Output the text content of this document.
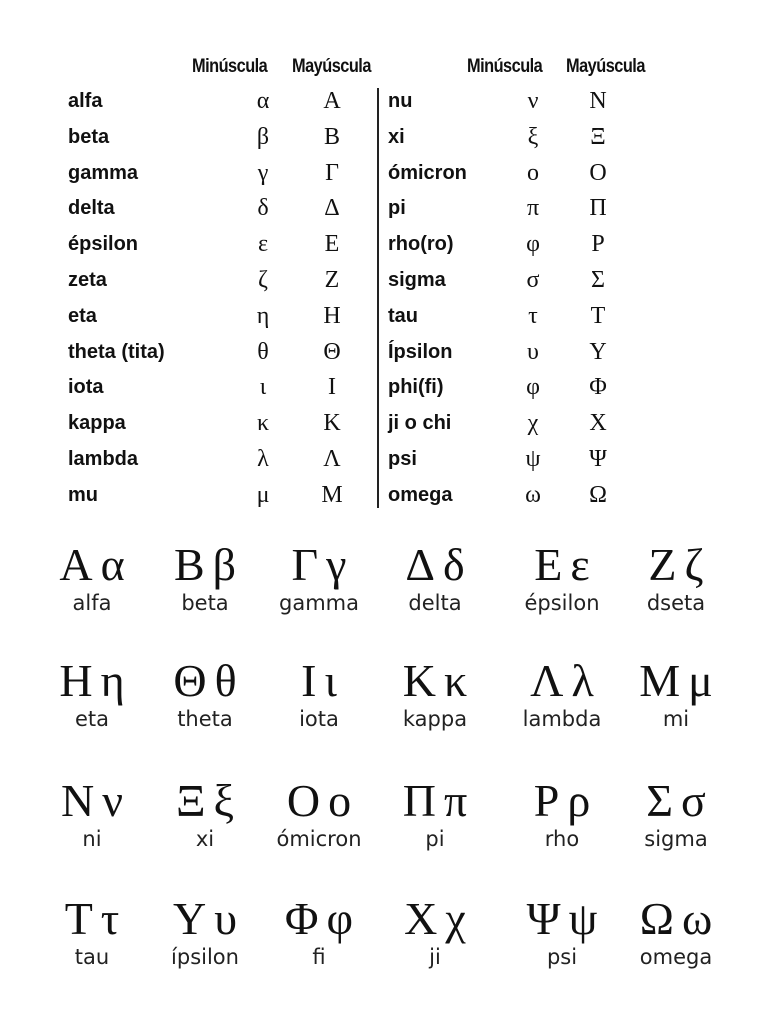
Minúscula Mayúscula	Minúscula Mayúscula
alfa	α	Α
beta	β	Β
gamma	γ	Γ
delta	δ	Δ
épsilon	ε	Ε
zeta	ζ	Ζ
eta	η	Η
theta (tita)	θ	Θ
iota	ι	Ι
kappa	κ	Κ
lambda	λ	Λ
mu	μ	Μ
nu	ν	Ν
xi	ξ	Ξ
ómicron	ο	Ο
pi	π	Π
rho(ro)	φ	Ρ
sigma	σ	Σ
tau	τ	Τ
Ípsilon	υ	Υ
phi(fi)	φ	Φ
ji o chi	χ	Χ
psi	ψ	Ψ
omega	ω Ω
Α α
alfa
Β β
beta
Γ γ
gamma
Δ δ
delta
Ε ε
épsilon
Ζ ζ
dseta
Η η
eta
Θ θ
theta
Ι ι
iota
Κ κ
kappa
Λ λ
lambda
Μ μ
mi
Ν ν
ni
Ξ ξ
xi
Ο ο
ómicron
Π π
pi
Ρ ρ
rho
Σ σ
sigma
Τ τ
tau
Υ υ
ípsilon
Φ φ
fi
Χ χ
ji
Ψ ψ
psi
Ω ω
omega
